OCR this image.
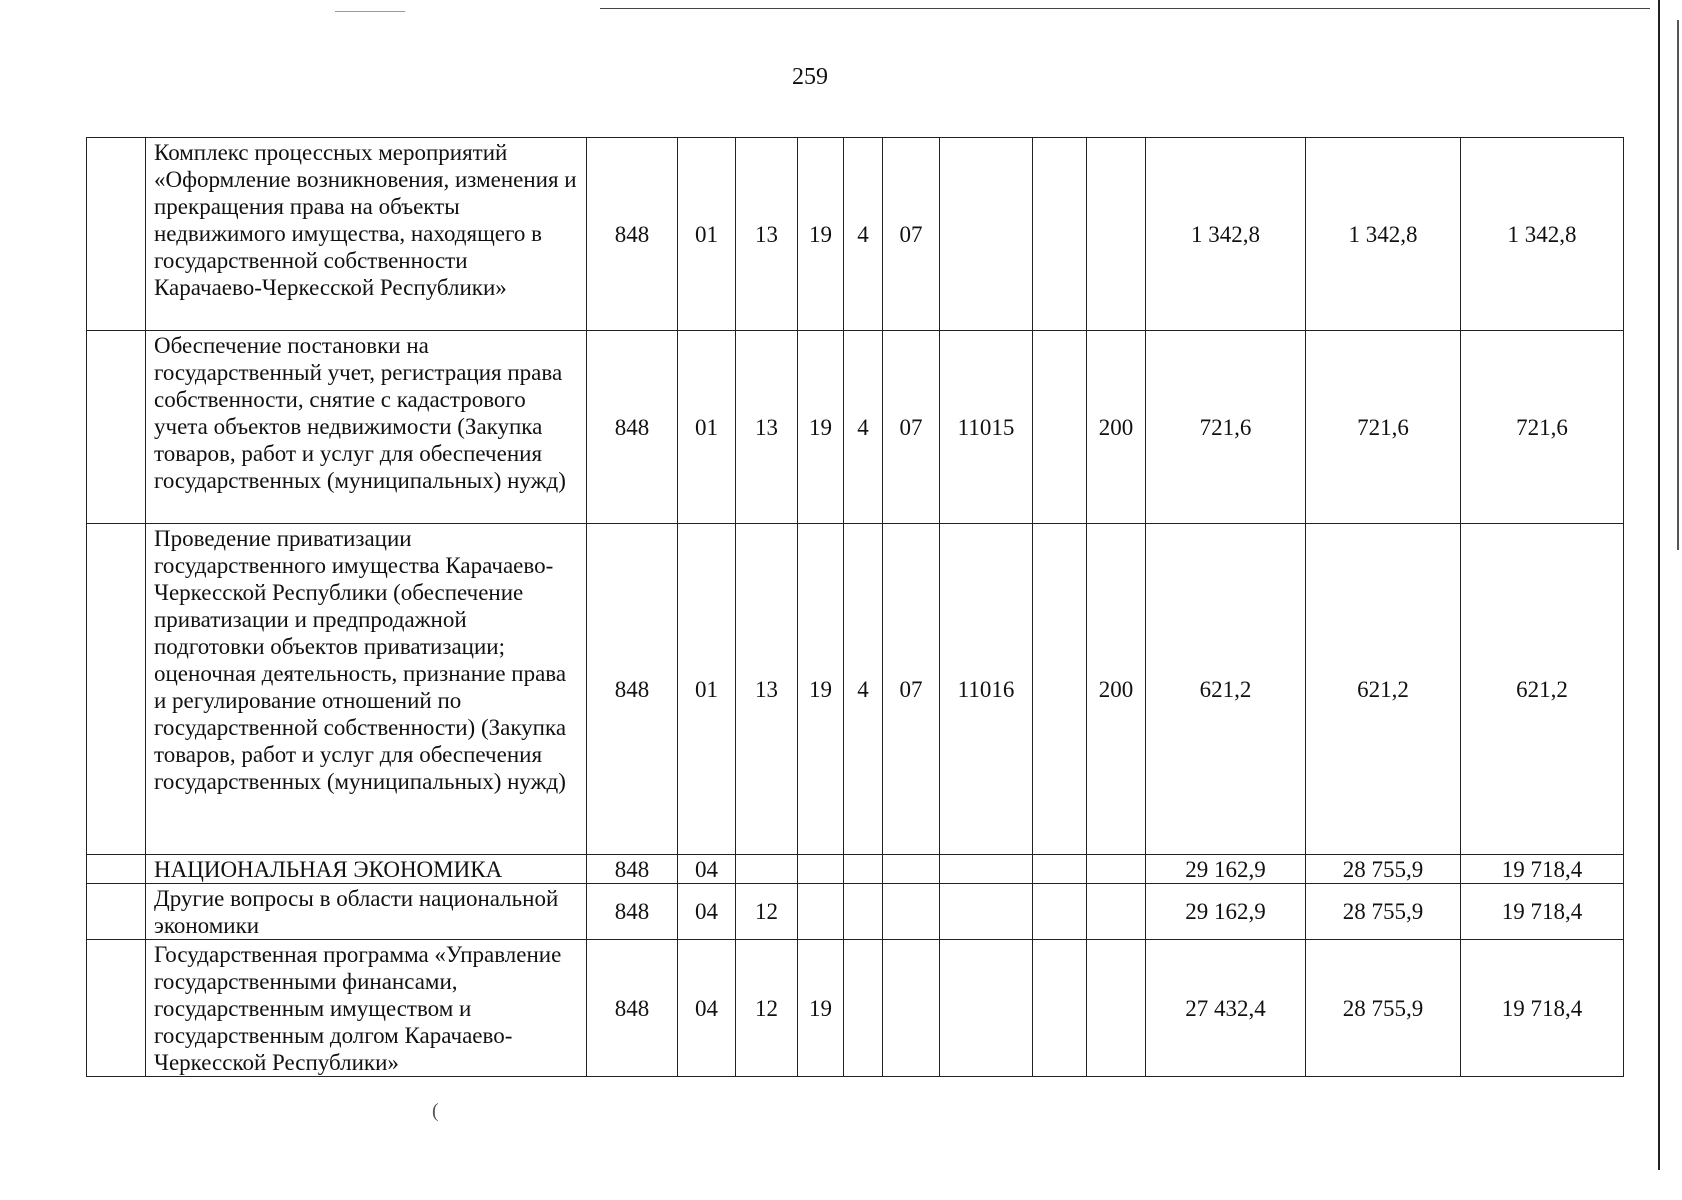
259
	Комплекс процессных мероприятий «Оформление возникновения, изменения и прекращения права на объекты недвижимого имущества, находящего в государственной собственности Карачаево-Черкесской Республики»	848	01	13	19	4	07				1 342,8	1 342,8	1 342,8
	Обеспечение постановки на государственный учет, регистрация права собственности, снятие с кадастрового учета объектов недвижимости (Закупка товаров, работ и услуг для обеспечения государственных (муниципальных) нужд)	848	01	13	19	4	07	11015		200	721,6	721,6	721,6
	Проведение приватизации государственного имущества Карачаево-Черкесской Республики (обеспечение приватизации и предпродажной подготовки объектов приватизации; оценочная деятельность, признание права и регулирование отношений по государственной собственности) (Закупка товаров, работ и услуг для обеспечения государственных (муниципальных) нужд)	848	01	13	19	4	07	11016		200	621,2	621,2	621,2
	НАЦИОНАЛЬНАЯ ЭКОНОМИКА	848	04								29 162,9	28 755,9	19 718,4
	Другие вопросы в области национальной экономики	848	04	12							29 162,9	28 755,9	19 718,4
	Государственная программа «Управление государственными финансами, государственным имуществом и государственным долгом Карачаево-Черкесской Республики»	848	04	12	19						27 432,4	28 755,9	19 718,4
(
